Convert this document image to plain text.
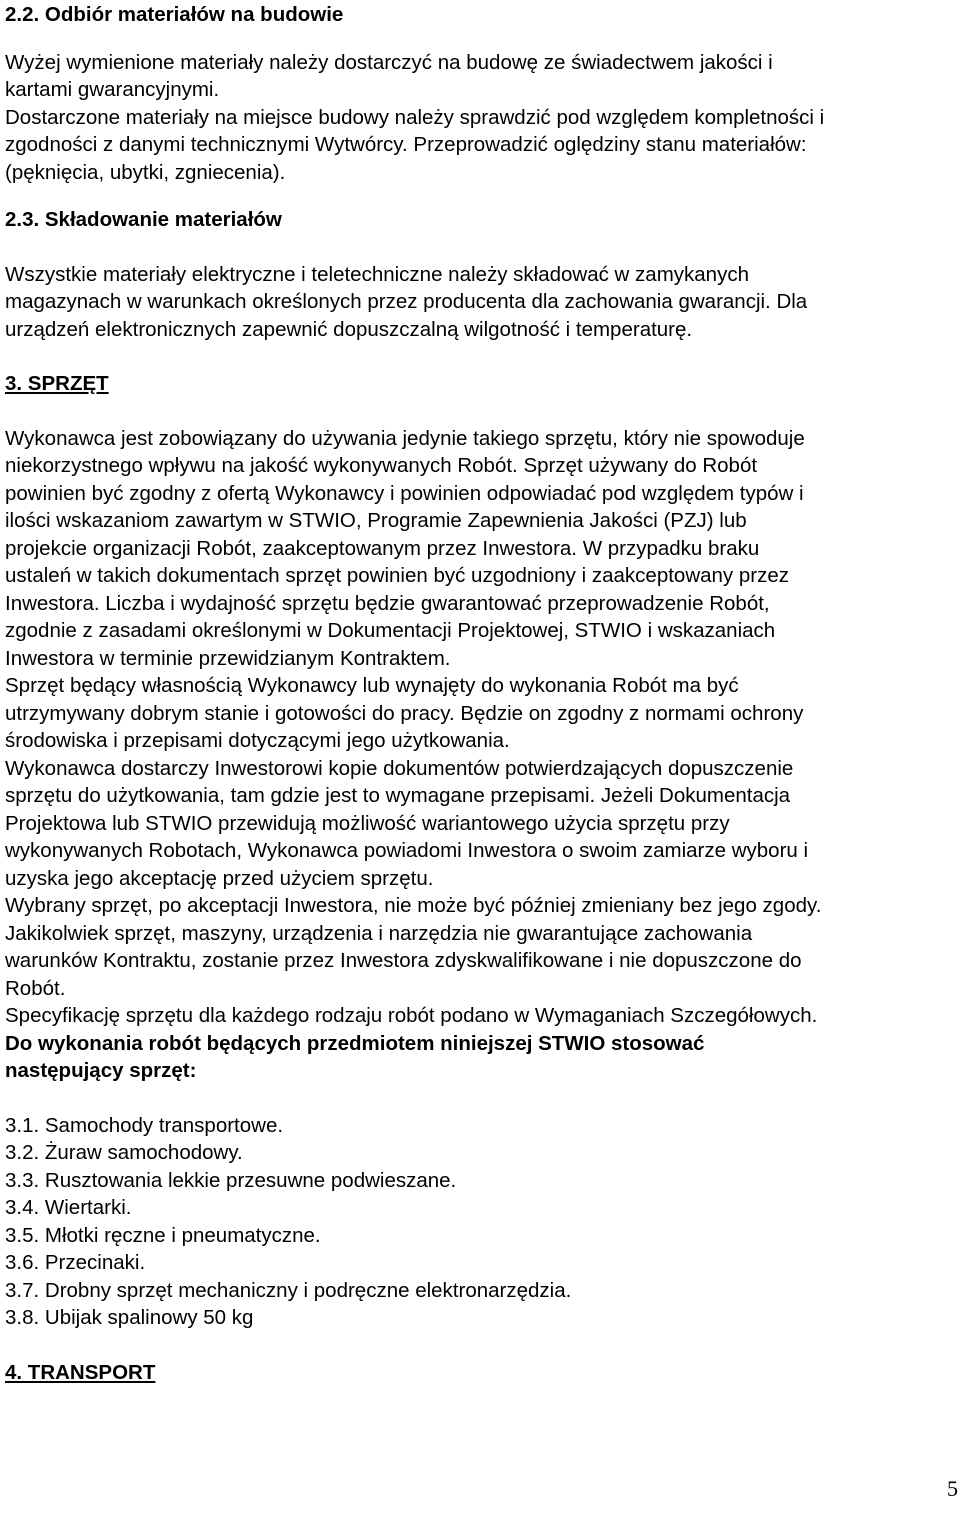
2.2. Odbiór materiałów na budowie
Wyżej wymienione materiały należy dostarczyć na budowę ze świadectwem jakości i
kartami gwarancyjnymi.
Dostarczone materiały na miejsce budowy należy sprawdzić pod względem kompletności i
zgodności z danymi technicznymi Wytwórcy. Przeprowadzić oględziny stanu materiałów:
(pęknięcia, ubytki, zgniecenia).
2.3. Składowanie materiałów
Wszystkie materiały elektryczne i teletechniczne należy składować w zamykanych
magazynach w warunkach określonych przez producenta dla zachowania gwarancji. Dla
urządzeń elektronicznych zapewnić dopuszczalną wilgotność i temperaturę.
3. SPRZĘT
Wykonawca jest zobowiązany do używania jedynie takiego sprzętu, który nie spowoduje
niekorzystnego wpływu na jakość wykonywanych Robót. Sprzęt używany do Robót
powinien być zgodny z ofertą Wykonawcy i powinien odpowiadać pod względem typów i
ilości wskazaniom zawartym w STWIO, Programie Zapewnienia Jakości (PZJ) lub
projekcie organizacji Robót, zaakceptowanym przez Inwestora. W przypadku braku
ustaleń w takich dokumentach sprzęt powinien być uzgodniony i zaakceptowany przez
Inwestora. Liczba i wydajność sprzętu będzie gwarantować przeprowadzenie Robót,
zgodnie z zasadami określonymi w Dokumentacji Projektowej, STWIO i wskazaniach
Inwestora w terminie przewidzianym Kontraktem.
Sprzęt będący własnością Wykonawcy lub wynajęty do wykonania Robót ma być
utrzymywany dobrym stanie i gotowości do pracy. Będzie on zgodny z normami ochrony
środowiska i przepisami dotyczącymi jego użytkowania.
Wykonawca dostarczy Inwestorowi kopie dokumentów potwierdzających dopuszczenie
sprzętu do użytkowania, tam gdzie jest to wymagane przepisami. Jeżeli Dokumentacja
Projektowa lub STWIO przewidują możliwość wariantowego użycia sprzętu przy
wykonywanych Robotach, Wykonawca powiadomi Inwestora o swoim zamiarze wyboru i
uzyska jego akceptację przed użyciem sprzętu.
Wybrany sprzęt, po akceptacji Inwestora, nie może być później zmieniany bez jego zgody.
Jakikolwiek sprzęt, maszyny, urządzenia i narzędzia nie gwarantujące zachowania
warunków Kontraktu, zostanie przez Inwestora zdyskwalifikowane i nie dopuszczone do
Robót.
Specyfikację sprzętu dla każdego rodzaju robót podano w Wymaganiach Szczegółowych.
Do wykonania robót będących przedmiotem niniejszej STWIO stosować
następujący sprzęt:
3.1. Samochody transportowe.
3.2. Żuraw samochodowy.
3.3. Rusztowania lekkie przesuwne podwieszane.
3.4. Wiertarki.
3.5. Młotki ręczne i pneumatyczne.
3.6. Przecinaki.
3.7. Drobny sprzęt mechaniczny i podręczne elektronarzędzia.
3.8. Ubijak spalinowy 50 kg
4. TRANSPORT
5
